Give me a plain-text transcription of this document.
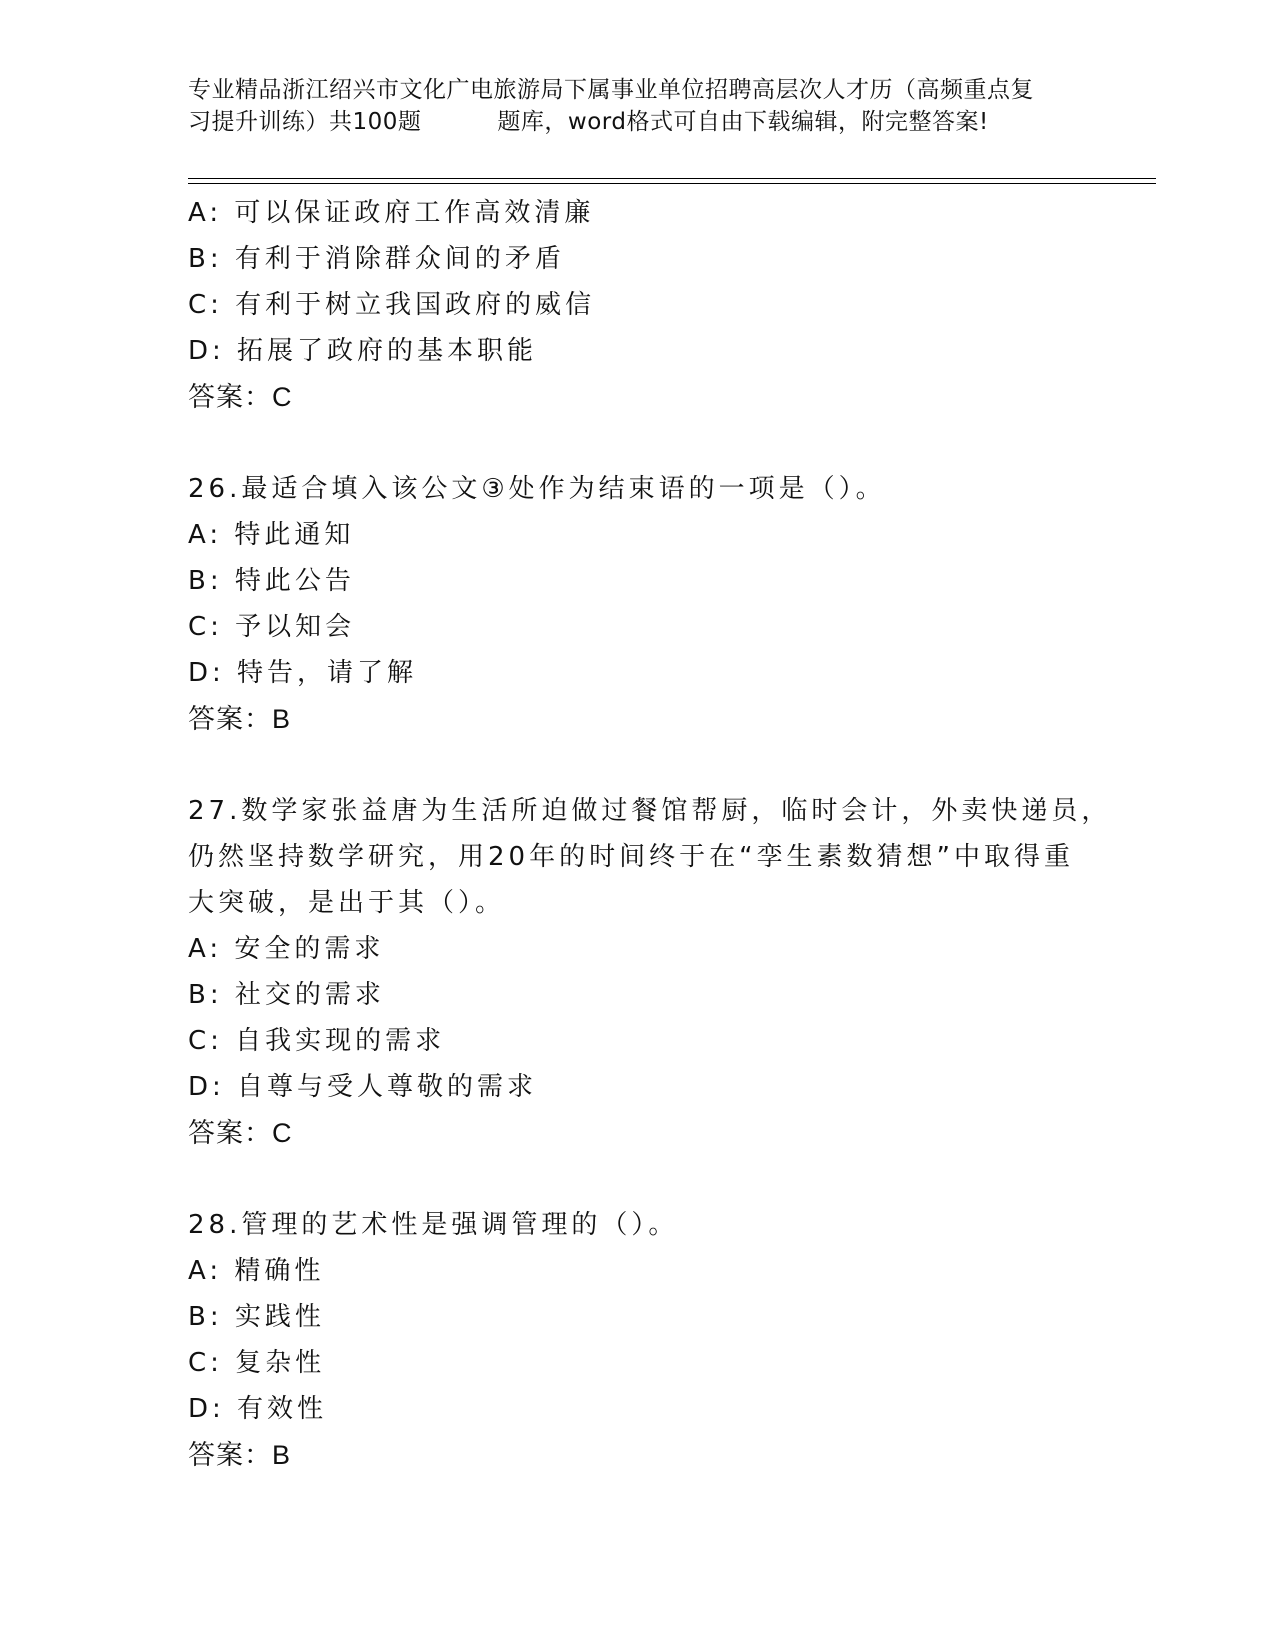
专业精品浙江绍兴市文化广电旅游局下属事业单位招聘高层次人才历（高频重点复
习提升训练）共100题	题库，word格式可自由下载编辑，附完整答案!
A: 可以保证政府工作高效清廉
B: 有利于消除群众间的矛盾
C: 有利于树立我国政府的威信
D: 拓展了政府的基本职能
答案：C
26.最适合填入该公文③处作为结束语的一项是（）。
A: 特此通知
B: 特此公告
C: 予以知会
D: 特告，请了解
答案：B
27.数学家张益唐为生活所迫做过餐馆帮厨，临时会计，外卖快递员，
仍然坚持数学研究，用20年的时间终于在“孪生素数猜想”中取得重
大突破，是出于其（）。
A: 安全的需求
B: 社交的需求
C: 自我实现的需求
D: 自尊与受人尊敬的需求
答案：C
28.管理的艺术性是强调管理的（）。
A: 精确性
B: 实践性
C: 复杂性
D: 有效性
答案：B
